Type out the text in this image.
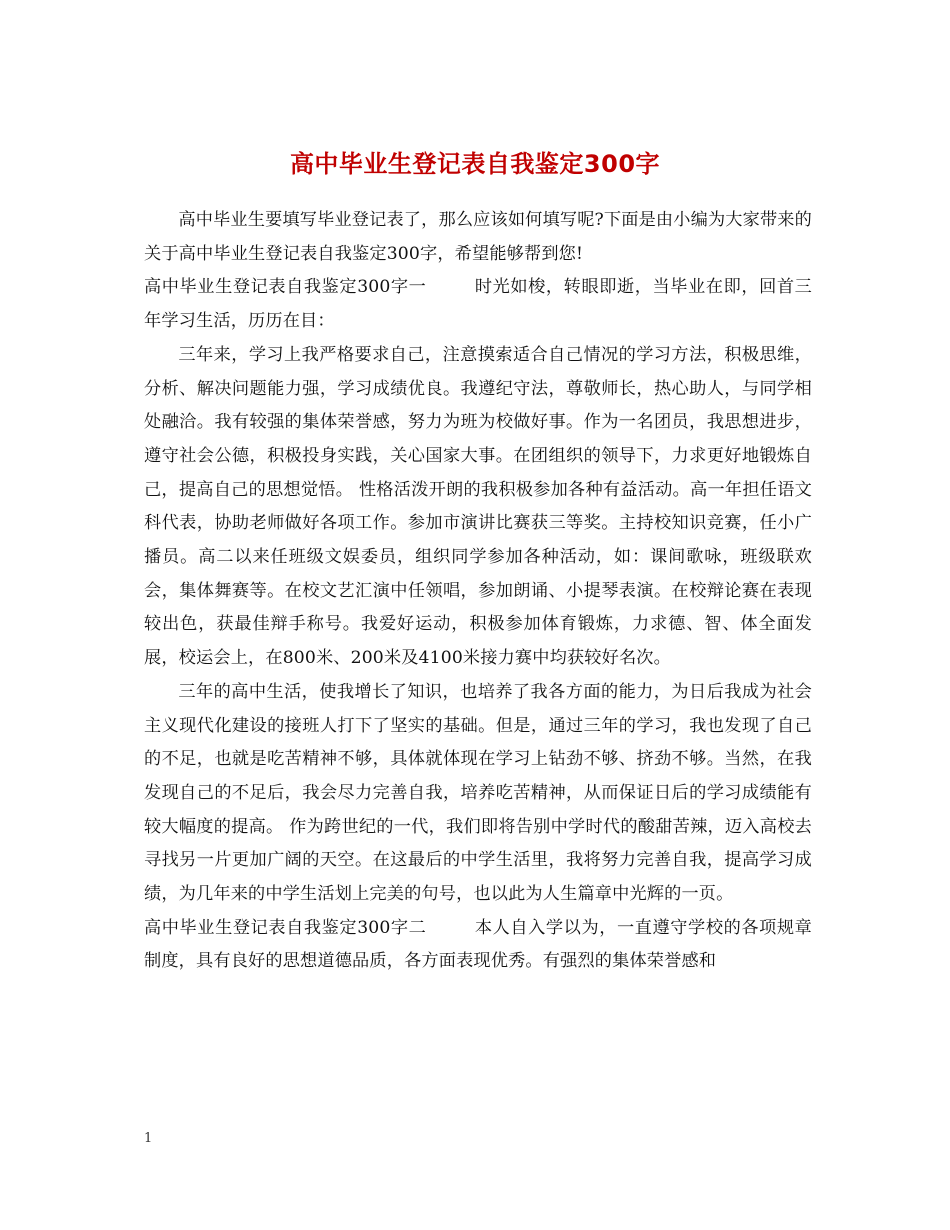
高中毕业生登记表自我鉴定300字

高中毕业生要填写毕业登记表了，那么应该如何填写呢?下面是由小编为大家带来的关于高中毕业生登记表自我鉴定300字，希望能够帮到您!

高中毕业生登记表自我鉴定300字一	时光如梭，转眼即逝，当毕业在即，回首三年学习生活，历历在目：

三年来，学习上我严格要求自己，注意摸索适合自己情况的学习方法，积极思维，分析、解决问题能力强，学习成绩优良。我遵纪守法，尊敬师长，热心助人，与同学相处融洽。我有较强的集体荣誉感，努力为班为校做好事。作为一名团员，我思想进步，遵守社会公德，积极投身实践，关心国家大事。在团组织的领导下，力求更好地锻炼自己，提高自己的思想觉悟。 性格活泼开朗的我积极参加各种有益活动。高一年担任语文 科代表，协助老师做好各项工作。参加市演讲比赛获三等奖。主持校知识竞赛，任小广播员。高二以来任班级文娱委员，组织同学参加各种活动，如：课间歌咏，班级联欢会，集体舞赛等。在校文艺汇演中任领唱，参加朗诵、小提琴表演。在校辩论赛在表现较出色，获最佳辩手称号。我爱好运动，积极参加体育锻炼，力求德、智、体全面发展，校运会上，在800米、200米及4100米接力赛中均获较好名次。

三年的高中生活，使我增长了知识，也培养了我各方面的能力，为日后我成为社会主义现代化建设的接班人打下了坚实的基础。但是，通过三年的学习，我也发现了自己的不足，也就是吃苦精神不够，具体就体现在学习上钻劲不够、挤劲不够。当然，在我发现自己的不足后，我会尽力完善自我，培养吃苦精神，从而保证日后的学习成绩能有较大幅度的提高。 作为跨世纪的一代，我们即将告别中学时代的酸甜苦辣，迈入高校去寻找另一片更加广阔的天空。在这最后的中学生活里，我将努力完善自我，提高学习成绩，为几年来的中学生活划上完美的句号，也以此为人生篇章中光辉的一页。

高中毕业生登记表自我鉴定300字二	本人自入学以为，一直遵守学校的各项规章制度，具有良好的思想道德品质，各方面表现优秀。有强烈的集体荣誉感和

1
